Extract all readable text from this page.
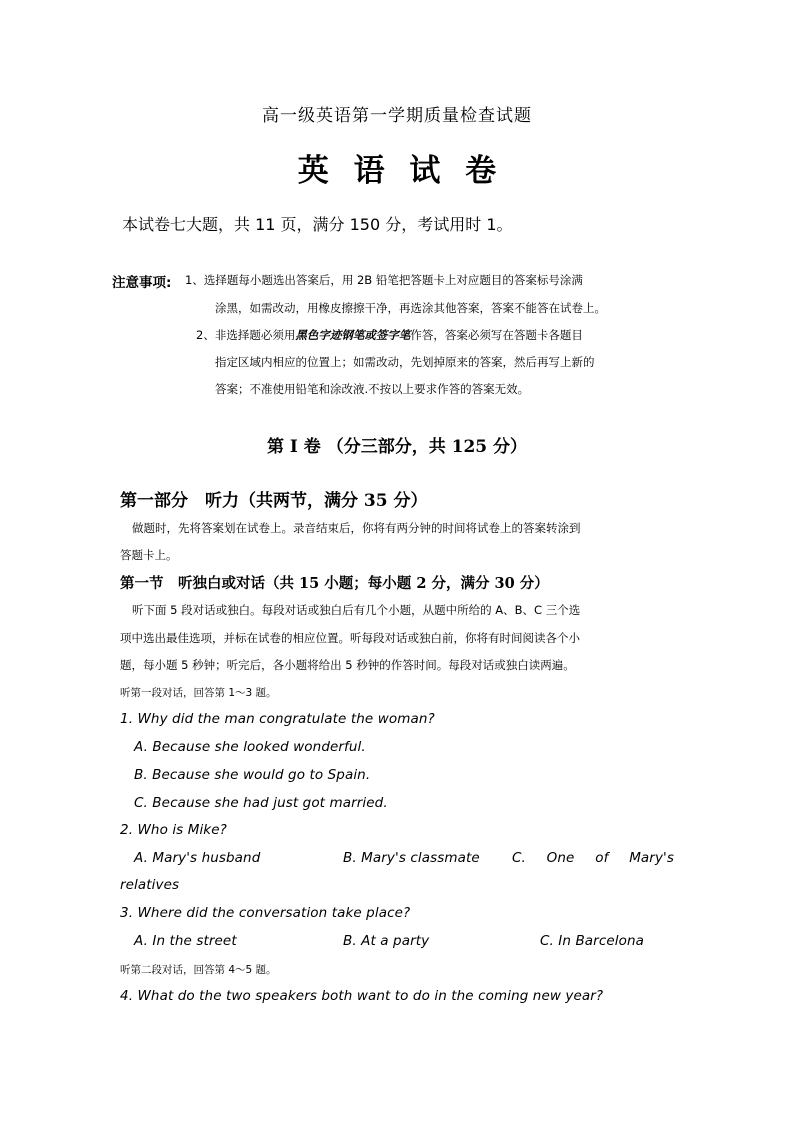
高一级英语第一学期质量检查试题
英 语 试 卷
本试卷七大题，共 11 页，满分 150 分，考试用时 1。
注意事项: 1、选择题每小题选出答案后，用 2B 铅笔把答题卡上对应题目的答案标号涂满
涂黑，如需改动，用橡皮擦擦干净，再选涂其他答案，答案不能答在试卷上。
2、非选择题必须用黑色字迹钢笔或签字笔作答，答案必须写在答题卡各题目
指定区域内相应的位置上；如需改动，先划掉原来的答案，然后再写上新的
答案；不准使用铅笔和涂改液.不按以上要求作答的答案无效。
第 I 卷 （分三部分，共 125 分）
第一部分　听力（共两节，满分 35 分）
做题时，先将答案划在试卷上。录音结束后，你将有两分钟的时间将试卷上的答案转涂到
答题卡上。
第一节　听独白或对话（共 15 小题；每小题 2 分，满分 30 分）
听下面 5 段对话或独白。每段对话或独白后有几个小题，从题中所给的 A、B、C 三个选
项中选出最佳选项，并标在试卷的相应位置。听每段对话或独白前，你将有时间阅读各个小
题，每小题 5 秒钟；听完后，各小题将给出 5 秒钟的作答时间。每段对话或独白读两遍。
听第一段对话，回答第 1～3 题。
1. Why did the man congratulate the woman?
A. Because she looked wonderful.
B. Because she would go to Spain.
C. Because she had just got married.
2. Who is Mike?
A. Mary's husband	B. Mary's classmate C. One of Mary's
relatives
3. Where did the conversation take place?
A. In the street	B. At a party	C. In Barcelona
听第二段对话，回答第 4～5 题。
4. What do the two speakers both want to do in the coming new year?
